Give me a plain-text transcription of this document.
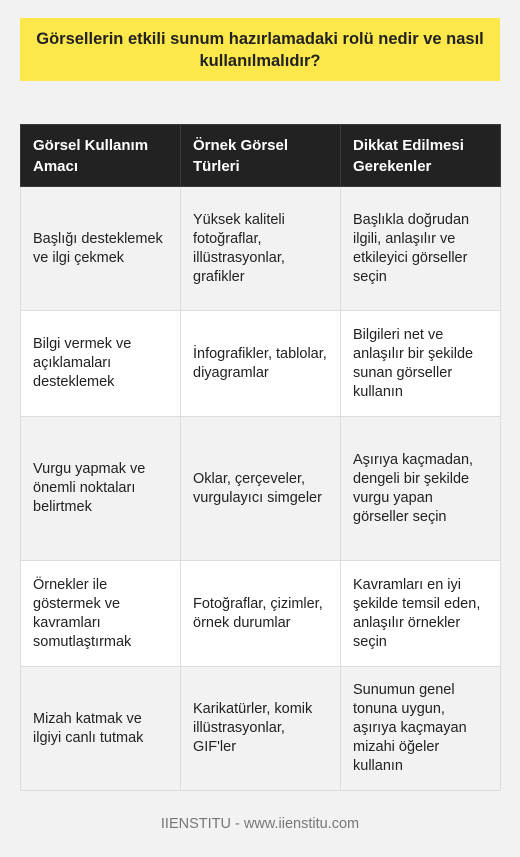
Görsellerin etkili sunum hazırlamadaki rolü nedir ve nasıl kullanılmalıdır?
Görsel Kullanım Amacı	Örnek Görsel Türleri	Dikkat Edilmesi Gerekenler
Başlığı desteklemek ve ilgi çekmek	Yüksek kaliteli fotoğraflar, illüstrasyonlar, grafikler	Başlıkla doğrudan ilgili, anlaşılır ve etkileyici görseller seçin
Bilgi vermek ve açıklamaları desteklemek	İnfografikler, tablolar, diyagramlar	Bilgileri net ve anlaşılır bir şekilde sunan görseller kullanın
Vurgu yapmak ve önemli noktaları belirtmek	Oklar, çerçeveler, vurgulayıcı simgeler	Aşırıya kaçmadan, dengeli bir şekilde vurgu yapan görseller seçin
Örnekler ile göstermek ve kavramları somutlaştırmak	Fotoğraflar, çizimler, örnek durumlar	Kavramları en iyi şekilde temsil eden, anlaşılır örnekler seçin
Mizah katmak ve ilgiyi canlı tutmak	Karikatürler, komik illüstrasyonlar, GIF'ler	Sunumun genel tonuna uygun, aşırıya kaçmayan mizahi öğeler kullanın
IIENSTITU - www.iienstitu.com
